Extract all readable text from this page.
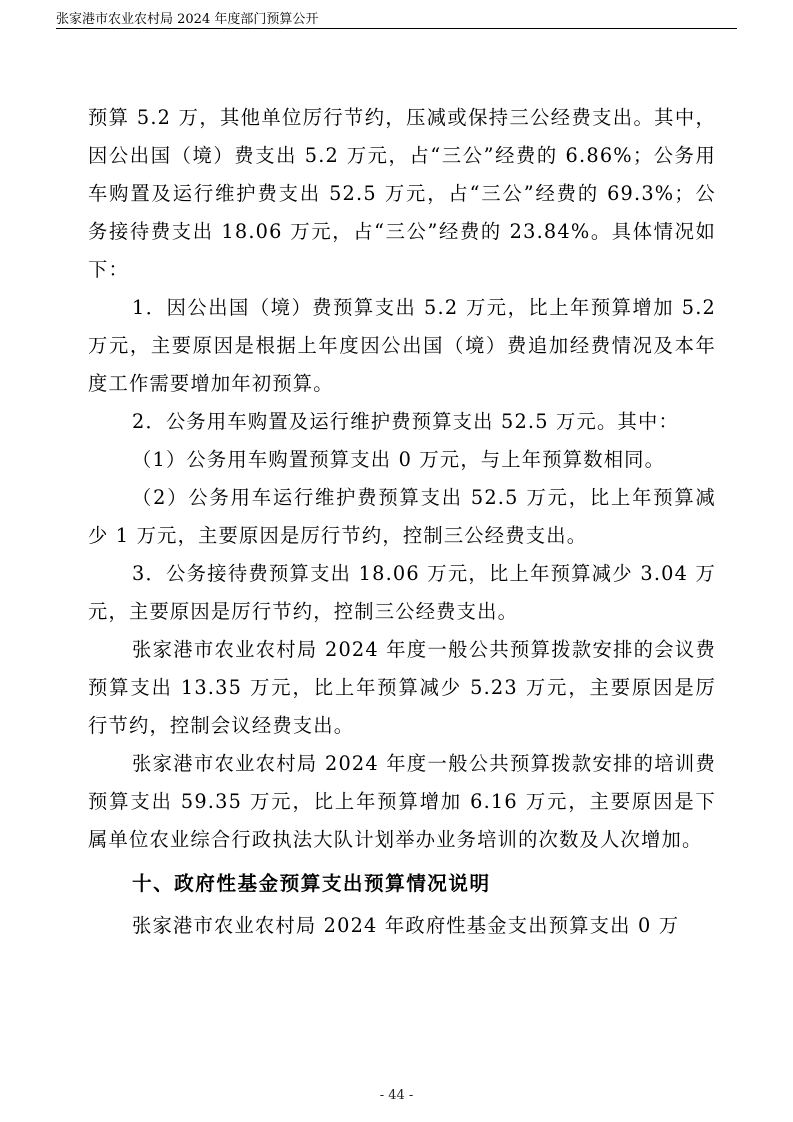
张家港市农业农村局 2024 年度部门预算公开

预算 5.2 万，其他单位厉行节约，压减或保持三公经费支出。其中，因公出国（境）费支出 5.2 万元，占“三公”经费的 6.86%；公务用车购置及运行维护费支出 52.5 万元，占“三公”经费的 69.3%；公务接待费支出 18.06 万元，占“三公”经费的 23.84%。具体情况如下：

1．因公出国（境）费预算支出 5.2 万元，比上年预算增加 5.2 万元，主要原因是根据上年度因公出国（境）费追加经费情况及本年度工作需要增加年初预算。

2．公务用车购置及运行维护费预算支出 52.5 万元。其中：

（1）公务用车购置预算支出 0 万元，与上年预算数相同。

（2）公务用车运行维护费预算支出 52.5 万元，比上年预算减少 1 万元，主要原因是厉行节约，控制三公经费支出。

3．公务接待费预算支出 18.06 万元，比上年预算减少 3.04 万元，主要原因是厉行节约，控制三公经费支出。

张家港市农业农村局 2024 年度一般公共预算拨款安排的会议费预算支出 13.35 万元，比上年预算减少 5.23 万元，主要原因是厉行节约，控制会议经费支出。

张家港市农业农村局 2024 年度一般公共预算拨款安排的培训费预算支出 59.35 万元，比上年预算增加 6.16 万元，主要原因是下属单位农业综合行政执法大队计划举办业务培训的次数及人次增加。

十、政府性基金预算支出预算情况说明

张家港市农业农村局 2024 年政府性基金支出预算支出 0 万

- 44 -
